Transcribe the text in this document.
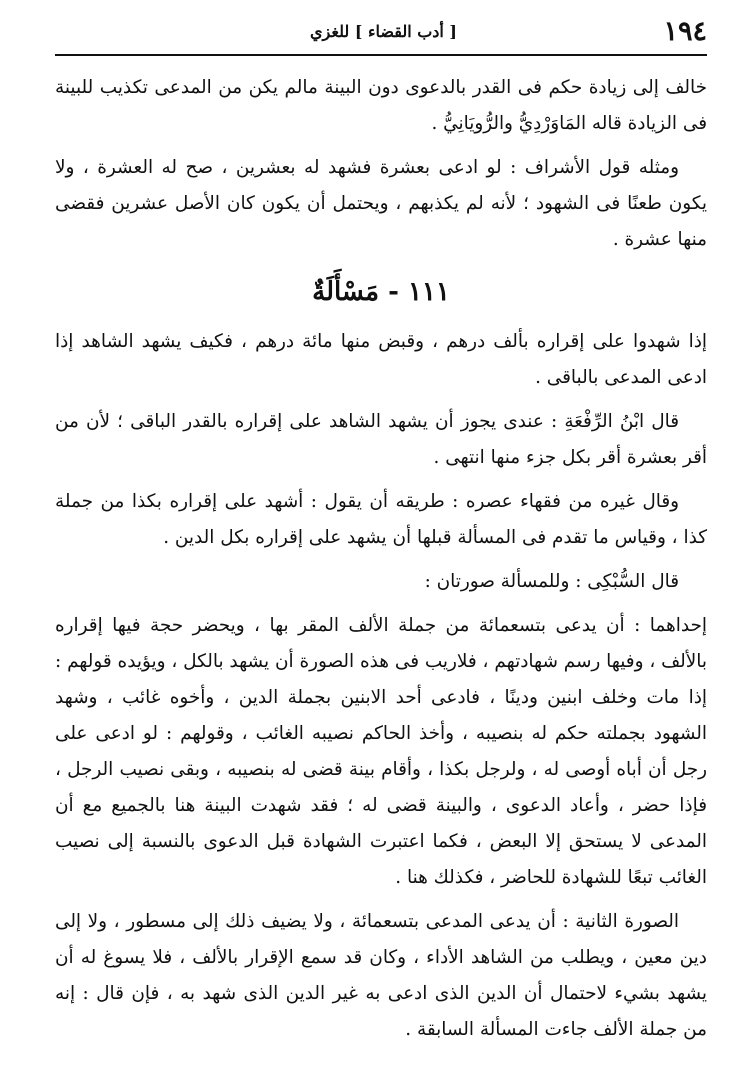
١٩٤
[ أدب القضاء ] للغزي

خالف إلى زيادة حكم فى القدر بالدعوى دون البينة مالم يكن من المدعى تكذيب للبينة فى الزيادة قاله المَاوَرْدِيُّ والرُّويَانِيُّ .

ومثله قول الأشراف : لو ادعى بعشرة فشهد له بعشرين ، صح له العشرة ، ولا يكون طعنًا فى الشهود ؛ لأنه لم يكذبهم ، ويحتمل أن يكون كان الأصل عشرين فقضى منها عشرة .

١١١ - مَسْأَلَةٌ

إذا شهدوا على إقراره بألف درهم ، وقبض منها مائة درهم ، فكيف يشهد الشاهد إذا ادعى المدعى بالباقى .

قال ابْنُ الرِّفْعَةِ : عندى يجوز أن يشهد الشاهد على إقراره بالقدر الباقى ؛ لأن من أقر بعشرة أقر بكل جزء منها انتهى .

وقال غيره من فقهاء عصره : طريقه أن يقول : أشهد على إقراره بكذا من جملة كذا ، وقياس ما تقدم فى المسألة قبلها أن يشهد على إقراره بكل الدين .

قال السُّبْكِى : وللمسألة صورتان :

إحداهما : أن يدعى بتسعمائة من جملة الألف المقر بها ، ويحضر حجة فيها إقراره بالألف ، وفيها رسم شهادتهم ، فلاريب فى هذه الصورة أن يشهد بالكل ، ويؤيده قولهم : إذا مات وخلف ابنين ودينًا ، فادعى أحد الابنين بجملة الدين ، وأخوه غائب ، وشهد الشهود بجملته حكم له بنصيبه ، وأخذ الحاكم نصيبه الغائب ، وقولهم : لو ادعى على رجل أن أباه أوصى له ، ولرجل بكذا ، وأقام بينة قضى له بنصيبه ، وبقى نصيب الرجل ، فإذا حضر ، وأعاد الدعوى ، والبينة قضى له ؛ فقد شهدت البينة هنا بالجميع مع أن المدعى لا يستحق إلا البعض ، فكما اعتبرت الشهادة قبل الدعوى بالنسبة إلى نصيب الغائب تبعًا للشهادة للحاضر ، فكذلك هنا .

الصورة الثانية : أن يدعى المدعى بتسعمائة ، ولا يضيف ذلك إلى مسطور ، ولا إلى دين معين ، ويطلب من الشاهد الأداء ، وكان قد سمع الإقرار بالألف ، فلا يسوغ له أن يشهد بشيء لاحتمال أن الدين الذى ادعى به غير الدين الذى شهد به ، فإن قال : إنه من جملة الألف جاءت المسألة السابقة .
